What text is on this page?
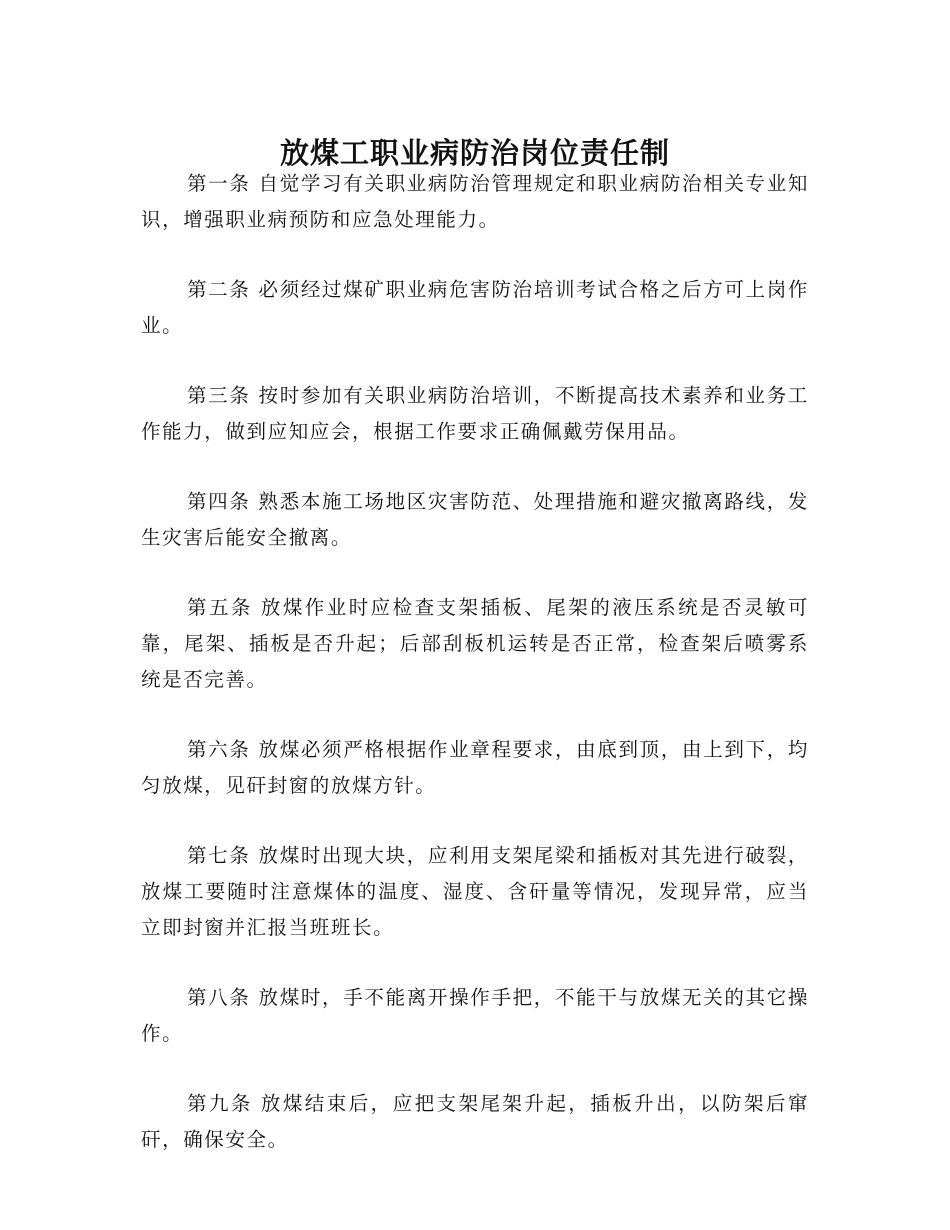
放煤工职业病防治岗位责任制

第一条 自觉学习有关职业病防治管理规定和职业病防治相关专业知识，增强职业病预防和应急处理能力。

第二条 必须经过煤矿职业病危害防治培训考试合格之后方可上岗作业。

第三条 按时参加有关职业病防治培训，不断提高技术素养和业务工作能力，做到应知应会，根据工作要求正确佩戴劳保用品。

第四条 熟悉本施工场地区灾害防范、处理措施和避灾撤离路线，发生灾害后能安全撤离。

第五条 放煤作业时应检查支架插板、尾架的液压系统是否灵敏可靠，尾架、插板是否升起；后部刮板机运转是否正常，检查架后喷雾系统是否完善。

第六条 放煤必须严格根据作业章程要求，由底到顶，由上到下，均匀放煤，见矸封窗的放煤方针。

第七条 放煤时出现大块，应利用支架尾梁和插板对其先进行破裂，放煤工要随时注意煤体的温度、湿度、含矸量等情况，发现异常，应当立即封窗并汇报当班班长。

第八条 放煤时，手不能离开操作手把，不能干与放煤无关的其它操作。

第九条 放煤结束后，应把支架尾架升起，插板升出，以防架后窜矸，确保安全。
